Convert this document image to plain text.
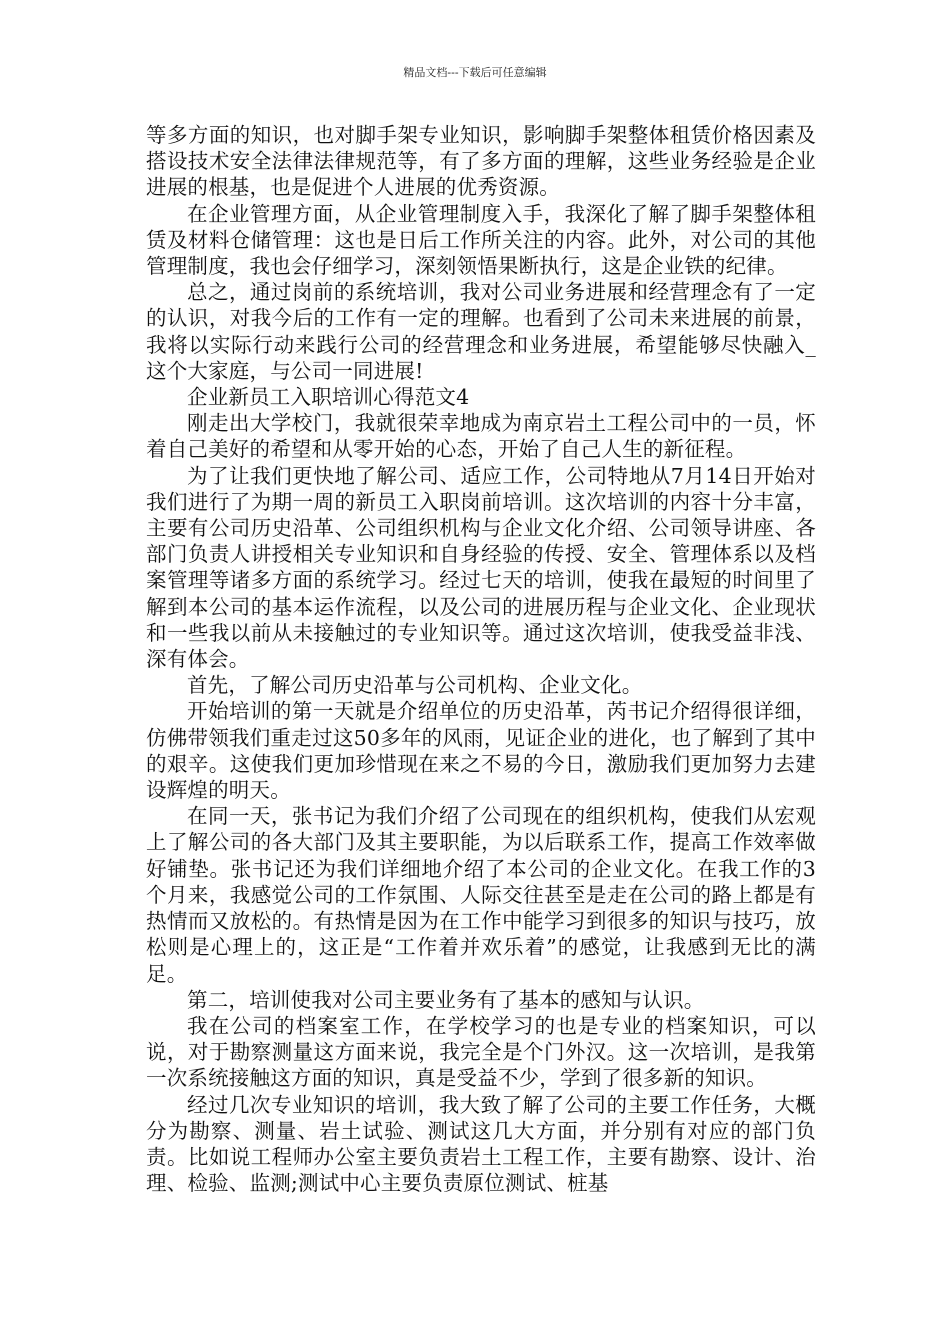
精品文档---下载后可任意编辑

等多方面的知识，也对脚手架专业知识，影响脚手架整体租赁价格因素及搭设技术安全法律法律规范等，有了多方面的理解，这些业务经验是企业进展的根基，也是促进个人进展的优秀资源。

在企业管理方面，从企业管理制度入手，我深化了解了脚手架整体租赁及材料仓储管理：这也是日后工作所关注的内容。此外，对公司的其他管理制度，我也会仔细学习，深刻领悟果断执行，这是企业铁的纪律。

总之，通过岗前的系统培训，我对公司业务进展和经营理念有了一定的认识，对我今后的工作有一定的理解。也看到了公司未来进展的前景，我将以实际行动来践行公司的经营理念和业务进展，希望能够尽快融入_这个大家庭，与公司一同进展!

企业新员工入职培训心得范文4

刚走出大学校门，我就很荣幸地成为南京岩土工程公司中的一员，怀着自己美好的希望和从零开始的心态，开始了自己人生的新征程。

为了让我们更快地了解公司、适应工作，公司特地从7月14日开始对我们进行了为期一周的新员工入职岗前培训。这次培训的内容十分丰富，主要有公司历史沿革、公司组织机构与企业文化介绍、公司领导讲座、各部门负责人讲授相关专业知识和自身经验的传授、安全、管理体系以及档案管理等诸多方面的系统学习。经过七天的培训，使我在最短的时间里了解到本公司的基本运作流程，以及公司的进展历程与企业文化、企业现状和一些我以前从未接触过的专业知识等。通过这次培训，使我受益非浅、深有体会。

首先，了解公司历史沿革与公司机构、企业文化。

开始培训的第一天就是介绍单位的历史沿革，芮书记介绍得很详细，仿佛带领我们重走过这50多年的风雨，见证企业的进化，也了解到了其中的艰辛。这使我们更加珍惜现在来之不易的今日，激励我们更加努力去建设辉煌的明天。

在同一天，张书记为我们介绍了公司现在的组织机构，使我们从宏观上了解公司的各大部门及其主要职能，为以后联系工作，提高工作效率做好铺垫。张书记还为我们详细地介绍了本公司的企业文化。在我工作的3个月来，我感觉公司的工作氛围、人际交往甚至是走在公司的路上都是有热情而又放松的。有热情是因为在工作中能学习到很多的知识与技巧，放松则是心理上的，这正是“工作着并欢乐着”的感觉，让我感到无比的满足。

第二，培训使我对公司主要业务有了基本的感知与认识。

我在公司的档案室工作，在学校学习的也是专业的档案知识，可以说，对于勘察测量这方面来说，我完全是个门外汉。这一次培训，是我第一次系统接触这方面的知识，真是受益不少，学到了很多新的知识。

经过几次专业知识的培训，我大致了解了公司的主要工作任务，大概分为勘察、测量、岩土试验、测试这几大方面，并分别有对应的部门负责。比如说工程师办公室主要负责岩土工程工作，主要有勘察、设计、治理、检验、监测;测试中心主要负责原位测试、桩基
